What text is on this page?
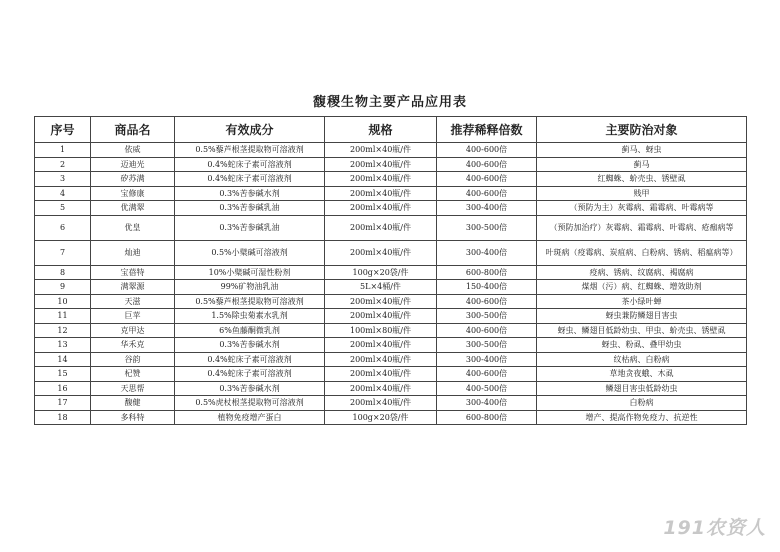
馥稷生物主要产品应用表
序号	商品名	有效成分	规格	推荐稀释倍数	主要防治对象
1	依威	0.5%藜芦根茎提取物可溶液剂	200ml×40瓶/件	400-600倍	蓟马、蚜虫
2	迈迪光	0.4%蛇床子素可溶液剂	200ml×40瓶/件	400-600倍	蓟马
3	矽苏满	0.4%蛇床子素可溶液剂	200ml×40瓶/件	400-600倍	红蜘蛛、蚧壳虫、锈壁虱
4	宝修康	0.3%苦参碱水剂	200ml×40瓶/件	400-600倍	贱甲
5	优满翠	0.3%苦参碱乳油	200ml×40瓶/件	300-400倍	（预防为主）灰霉病、霜霉病、叶霉病等
6	优皇	0.3%苦参碱乳油	200ml×40瓶/件	300-500倍	（预防加治疗）灰霉病、霜霉病、叶霉病、疮痂病等
7	灿迪	0.5%小檗碱可溶液剂	200ml×40瓶/件	300-400倍	叶斑病（疫霉病、炭疽病、白粉病、锈病、稻瘟病等）
8	宝蓓特	10%小檗碱可湿性粉剂	100g×20袋/件	600-800倍	疫病、锈病、纹腐病、褐腐病
9	满翠源	99%矿物油乳油	5L×4桶/件	150-400倍	煤烟（污）病、红蜘蛛、增效助剂
10	天滋	0.5%藜芦根茎提取物可溶液剂	200ml×40瓶/件	400-600倍	茶小绿叶蝉
11	巨苹	1.5%除虫菊素水乳剂	200ml×40瓶/件	300-500倍	蚜虫兼防鳞翅目害虫
12	克甲达	6%鱼藤酮微乳剂	100ml×80瓶/件	400-600倍	蚜虫、鳞翅目低龄幼虫、甲虫、蚧壳虫、锈壁虱
13	华禾克	0.3%苦参碱水剂	200ml×40瓶/件	300-500倍	蚜虫、粉虱、叠甲幼虫
14	谷韵	0.4%蛇床子素可溶液剂	200ml×40瓶/件	300-400倍	纹枯病、白粉病
15	杞赞	0.4%蛇床子素可溶液剂	200ml×40瓶/件	400-600倍	草地贪夜蛾、木虱
16	天思帮	0.3%苦参碱水剂	200ml×40瓶/件	400-500倍	鳞翅目害虫低龄幼虫
17	馥健	0.5%虎杖根茎提取物可溶液剂	200ml×40瓶/件	300-400倍	白粉病
18	多科特	植物免疫增产蛋白	100g×20袋/件	600-800倍	增产、提高作物免疫力、抗逆性
191农资人
